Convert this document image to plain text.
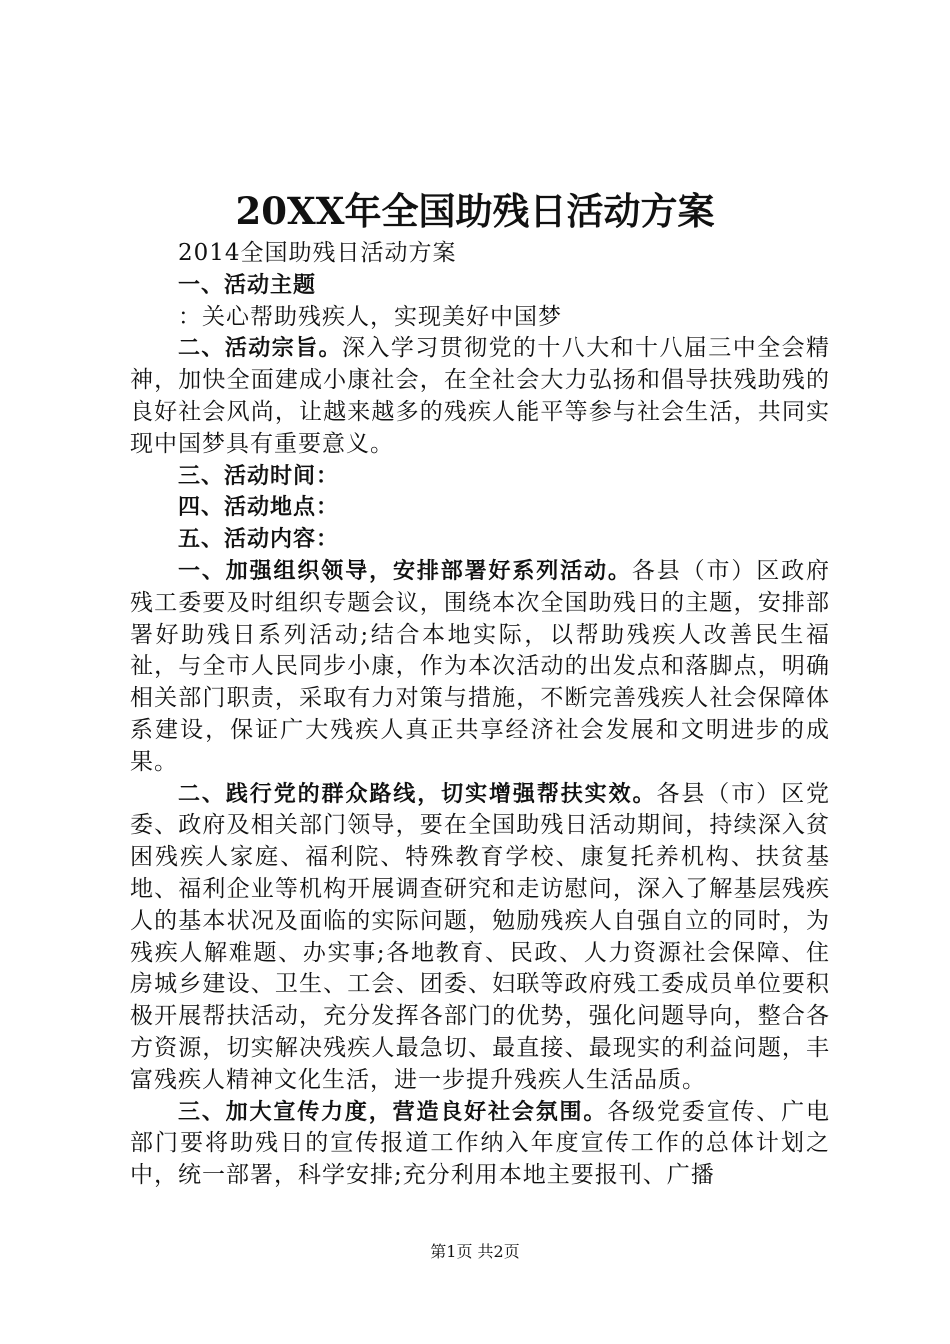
20XX年全国助残日活动方案

2014全国助残日活动方案

一、活动主题

：关心帮助残疾人，实现美好中国梦

二、活动宗旨。深入学习贯彻党的十八大和十八届三中全会精神，加快全面建成小康社会，在全社会大力弘扬和倡导扶残助残的良好社会风尚，让越来越多的残疾人能平等参与社会生活，共同实现中国梦具有重要意义。

三、活动时间：

四、活动地点：

五、活动内容：

一、加强组织领导，安排部署好系列活动。各县（市）区政府残工委要及时组织专题会议，围绕本次全国助残日的主题，安排部署好助残日系列活动;结合本地实际，以帮助残疾人改善民生福祉，与全市人民同步小康，作为本次活动的出发点和落脚点，明确相关部门职责，采取有力对策与措施，不断完善残疾人社会保障体系建设，保证广大残疾人真正共享经济社会发展和文明进步的成果。

二、践行党的群众路线，切实增强帮扶实效。各县（市）区党委、政府及相关部门领导，要在全国助残日活动期间，持续深入贫困残疾人家庭、福利院、特殊教育学校、康复托养机构、扶贫基地、福利企业等机构开展调查研究和走访慰问，深入了解基层残疾人的基本状况及面临的实际问题，勉励残疾人自强自立的同时，为残疾人解难题、办实事;各地教育、民政、人力资源社会保障、住房城乡建设、卫生、工会、团委、妇联等政府残工委成员单位要积极开展帮扶活动，充分发挥各部门的优势，强化问题导向，整合各方资源，切实解决残疾人最急切、最直接、最现实的利益问题，丰富残疾人精神文化生活，进一步提升残疾人生活品质。

三、加大宣传力度，营造良好社会氛围。各级党委宣传、广电部门要将助残日的宣传报道工作纳入年度宣传工作的总体计划之中，统一部署，科学安排;充分利用本地主要报刊、广播

第1页 共2页
